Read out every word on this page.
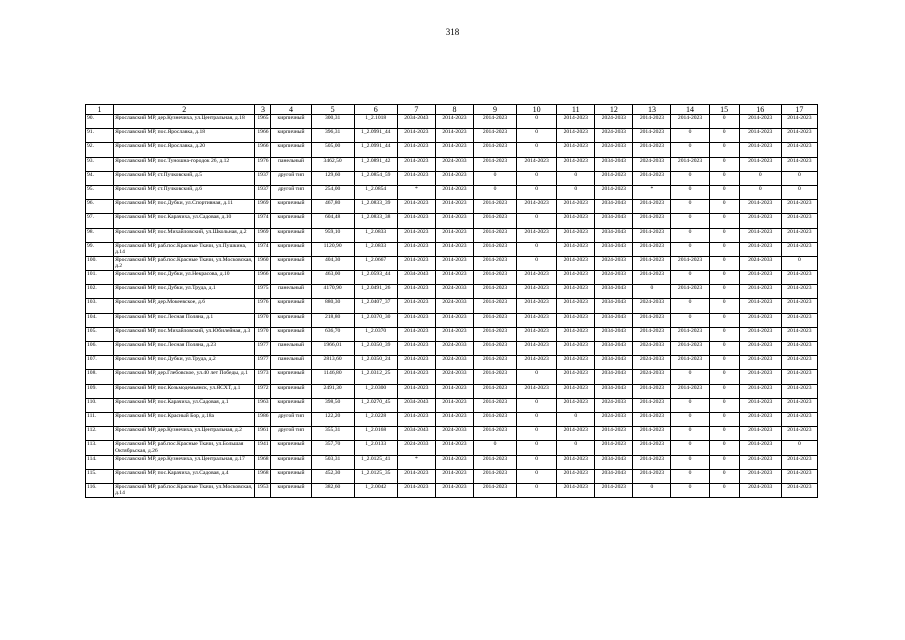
318
1	2	3	4	5	6	7	8	9	10	11	12	13	14	15	16	17
90.	Ярославский МР, дер.Кузнечиха, ул.Центральная, д.18	1965	кирпичный	300,31	1_2.1018	2034-2043	2014-2023	2014-2023	0	2014-2023	2024-2033	2014-2023	2014-2023	0	2014-2023	2014-2023
91.	Ярославский МР, пос.Ярославка, д.18	1966	кирпичный	396,31	1_2.0991_44	2014-2023	2014-2023	2014-2023	0	2014-2023	2024-2033	2014-2023	0	0	2014-2023	2014-2023
92.	Ярославский МР, пос.Ярославка, д.20	1966	кирпичный	505,00	1_2.0991_44	2014-2023	2014-2023	2014-2023	0	2014-2023	2024-2033	2014-2023	0	0	2014-2023	2014-2023
93.	Ярославский МР, пос.Туношна-городок 26, д.12	1976	панельный	3462,50	1_2.0891_42	2014-2023	2024-2033	2014-2023	2014-2023	2014-2023	2034-2043	2024-2033	2014-2023	0	2014-2023	2014-2023
94.	Ярославский МР, ст.Пучковский, д.5	1937	другой тип	129,60	1_2.0854_59	2014-2023	2014-2023	0	0	0	2014-2023	2014-2023	0	0	0	0
95.	Ярославский МР, ст.Пучковский, д.6	1937	другой тип	254,00	1_2.0854	*	2014-2023	0	0	0	2014-2023	*	0	0	0	0
96.	Ярославский МР, пос.Дубки, ул.Спортивная, д.11	1969	кирпичный	467,80	1_2.0833_39	2014-2023	2014-2023	2014-2023	2014-2023	2014-2023	2034-2043	2014-2023	0	0	2014-2023	2014-2023
97.	Ярославский МР, пос.Карачиха, ул.Садовая, д.10	1974	кирпичный	604,48	1_2.0833_38	2014-2023	2014-2023	2014-2023	0	2014-2023	2034-2043	2014-2023	0	0	2014-2023	2014-2023
98.	Ярославский МР, пос.Михайловский, ул.Школьная, д.2	1969	кирпичный	959,10	1_2.0833	2014-2023	2014-2023	2014-2023	2014-2023	2014-2023	2034-2043	2014-2023	0	0	2014-2023	2014-2023
99.	Ярославский МР, раб.пос.Красные Ткачи, ул.Пушкина, д.14	1974	кирпичный	1120,90	1_2.0833	2014-2023	2014-2023	2014-2023	0	2014-2023	2034-2043	2014-2023	0	0	2014-2023	2014-2023
100.	Ярославский МР, раб.пос.Красные Ткачи, ул.Московская, д.2	1960	кирпичный	404,30	1_2.0667	2014-2023	2014-2023	2014-2023	0	2014-2023	2024-2033	2014-2023	2014-2023	0	2024-2033	0
101.	Ярославский МР, пос.Дубки, ул.Некрасова, д.10	1966	кирпичный	463,00	1_2.0593_44	2034-2043	2014-2023	2014-2023	2014-2023	2014-2023	2024-2033	2014-2023	0	0	2014-2023	2014-2023
102.	Ярославский МР, пос.Дубки, ул.Труда, д.1	1975	панельный	4170,90	1_2.0491_26	2014-2023	2024-2033	2014-2023	2014-2023	2014-2023	2034-2043	0	2014-2023	0	2014-2023	2014-2023
103.	Ярославский МР, дер.Мокеевское, д.6	1976	кирпичный	880,30	1_2.0407_37	2014-2023	2024-2033	2014-2023	2014-2023	2014-2023	2034-2043	2024-2033	0	0	2014-2023	2014-2023
104.	Ярославский МР, пос.Лесная Поляна, д.1	1970	кирпичный	218,80	1_2.0370_30	2014-2023	2014-2023	2014-2023	2014-2023	2014-2023	2034-2043	2014-2023	0	0	2014-2023	2014-2023
105.	Ярославский МР, пос.Михайловский, ул.Юбилейная, д.3	1970	кирпичный	636,70	1_2.0370	2014-2023	2014-2023	2014-2023	2014-2023	2014-2023	2034-2043	2014-2023	2014-2023	0	2014-2023	2014-2023
106.	Ярославский МР, пос.Лесная Поляна, д.23	1977	панельный	1966,01	1_2.0350_39	2014-2023	2024-2033	2014-2023	2014-2023	2014-2023	2034-2043	2024-2033	2014-2023	0	2014-2023	2014-2023
107.	Ярославский МР, пос.Дубки, ул.Труда, д.2	1977	панельный	2813,60	1_2.0350_24	2014-2023	2024-2033	2014-2023	2014-2023	2014-2023	2034-2043	2024-2033	2014-2023	0	2014-2023	2014-2023
108.	Ярославский МР, дер.Глебовское, ул.40 лет Победы, д.1	1973	кирпичный	1146,80	1_2.0312_25	2014-2023	2024-2033	2014-2023	0	2014-2023	2034-2043	2024-2033	0	0	2014-2023	2014-2023
109.	Ярославский МР, пос.Козьмодемьянск, ул.ЯСХТ, д.1	1972	кирпичный	2491,30	1_2.0300	2014-2023	2014-2023	2014-2023	2014-2023	2014-2023	2034-2043	2014-2023	2014-2023	0	2014-2023	2014-2023
110.	Ярославский МР, пос.Карачиха, ул.Садовая, д.1	1963	кирпичный	398,50	1_2.0270_45	2034-2043	2014-2023	2014-2023	0	2014-2023	2024-2033	2014-2023	0	0	2014-2023	2014-2023
111.	Ярославский МР, пос.Красный Бор, д.18а	1986	другой тип	122,20	1_2.0228	2014-2023	2014-2023	2014-2023	0	0	2024-2033	2014-2023	0	0	2014-2023	2014-2023
112.	Ярославский МР, дер.Кузнечиха, ул.Центральная, д.2	1961	другой тип	355,31	1_2.0168	2034-2043	2024-2033	2014-2023	0	2014-2023	2014-2023	2014-2023	0	0	2014-2023	2014-2023
113.	Ярославский МР, раб.пос.Красные Ткачи, ул.Большая Октябрьская, д.26	1941	кирпичный	357,70	1_2.0133	2024-2033	2014-2023	0	0	0	2014-2023	2014-2023	0	0	2014-2023	0
114.	Ярославский МР, дер.Кузнечиха, ул.Центральная, д.17	1968	кирпичный	503,31	1_2.0125_41	*	2014-2023	2014-2023	0	2014-2023	2034-2043	2014-2023	0	0	2014-2023	2014-2023
115.	Ярославский МР, пос.Карачиха, ул.Садовая, д.4	1968	кирпичный	452,30	1_2.0125_35	2014-2023	2014-2023	2014-2023	0	2014-2023	2034-2043	2014-2023	0	0	2014-2023	2014-2023
116.	Ярославский МР, раб.пос.Красные Ткачи, ул.Московская, д.14	1953	кирпичный	382,60	1_2.0042	2014-2023	2014-2023	2014-2023	0	2014-2023	2014-2023	0	0	0	2024-2033	2014-2023
